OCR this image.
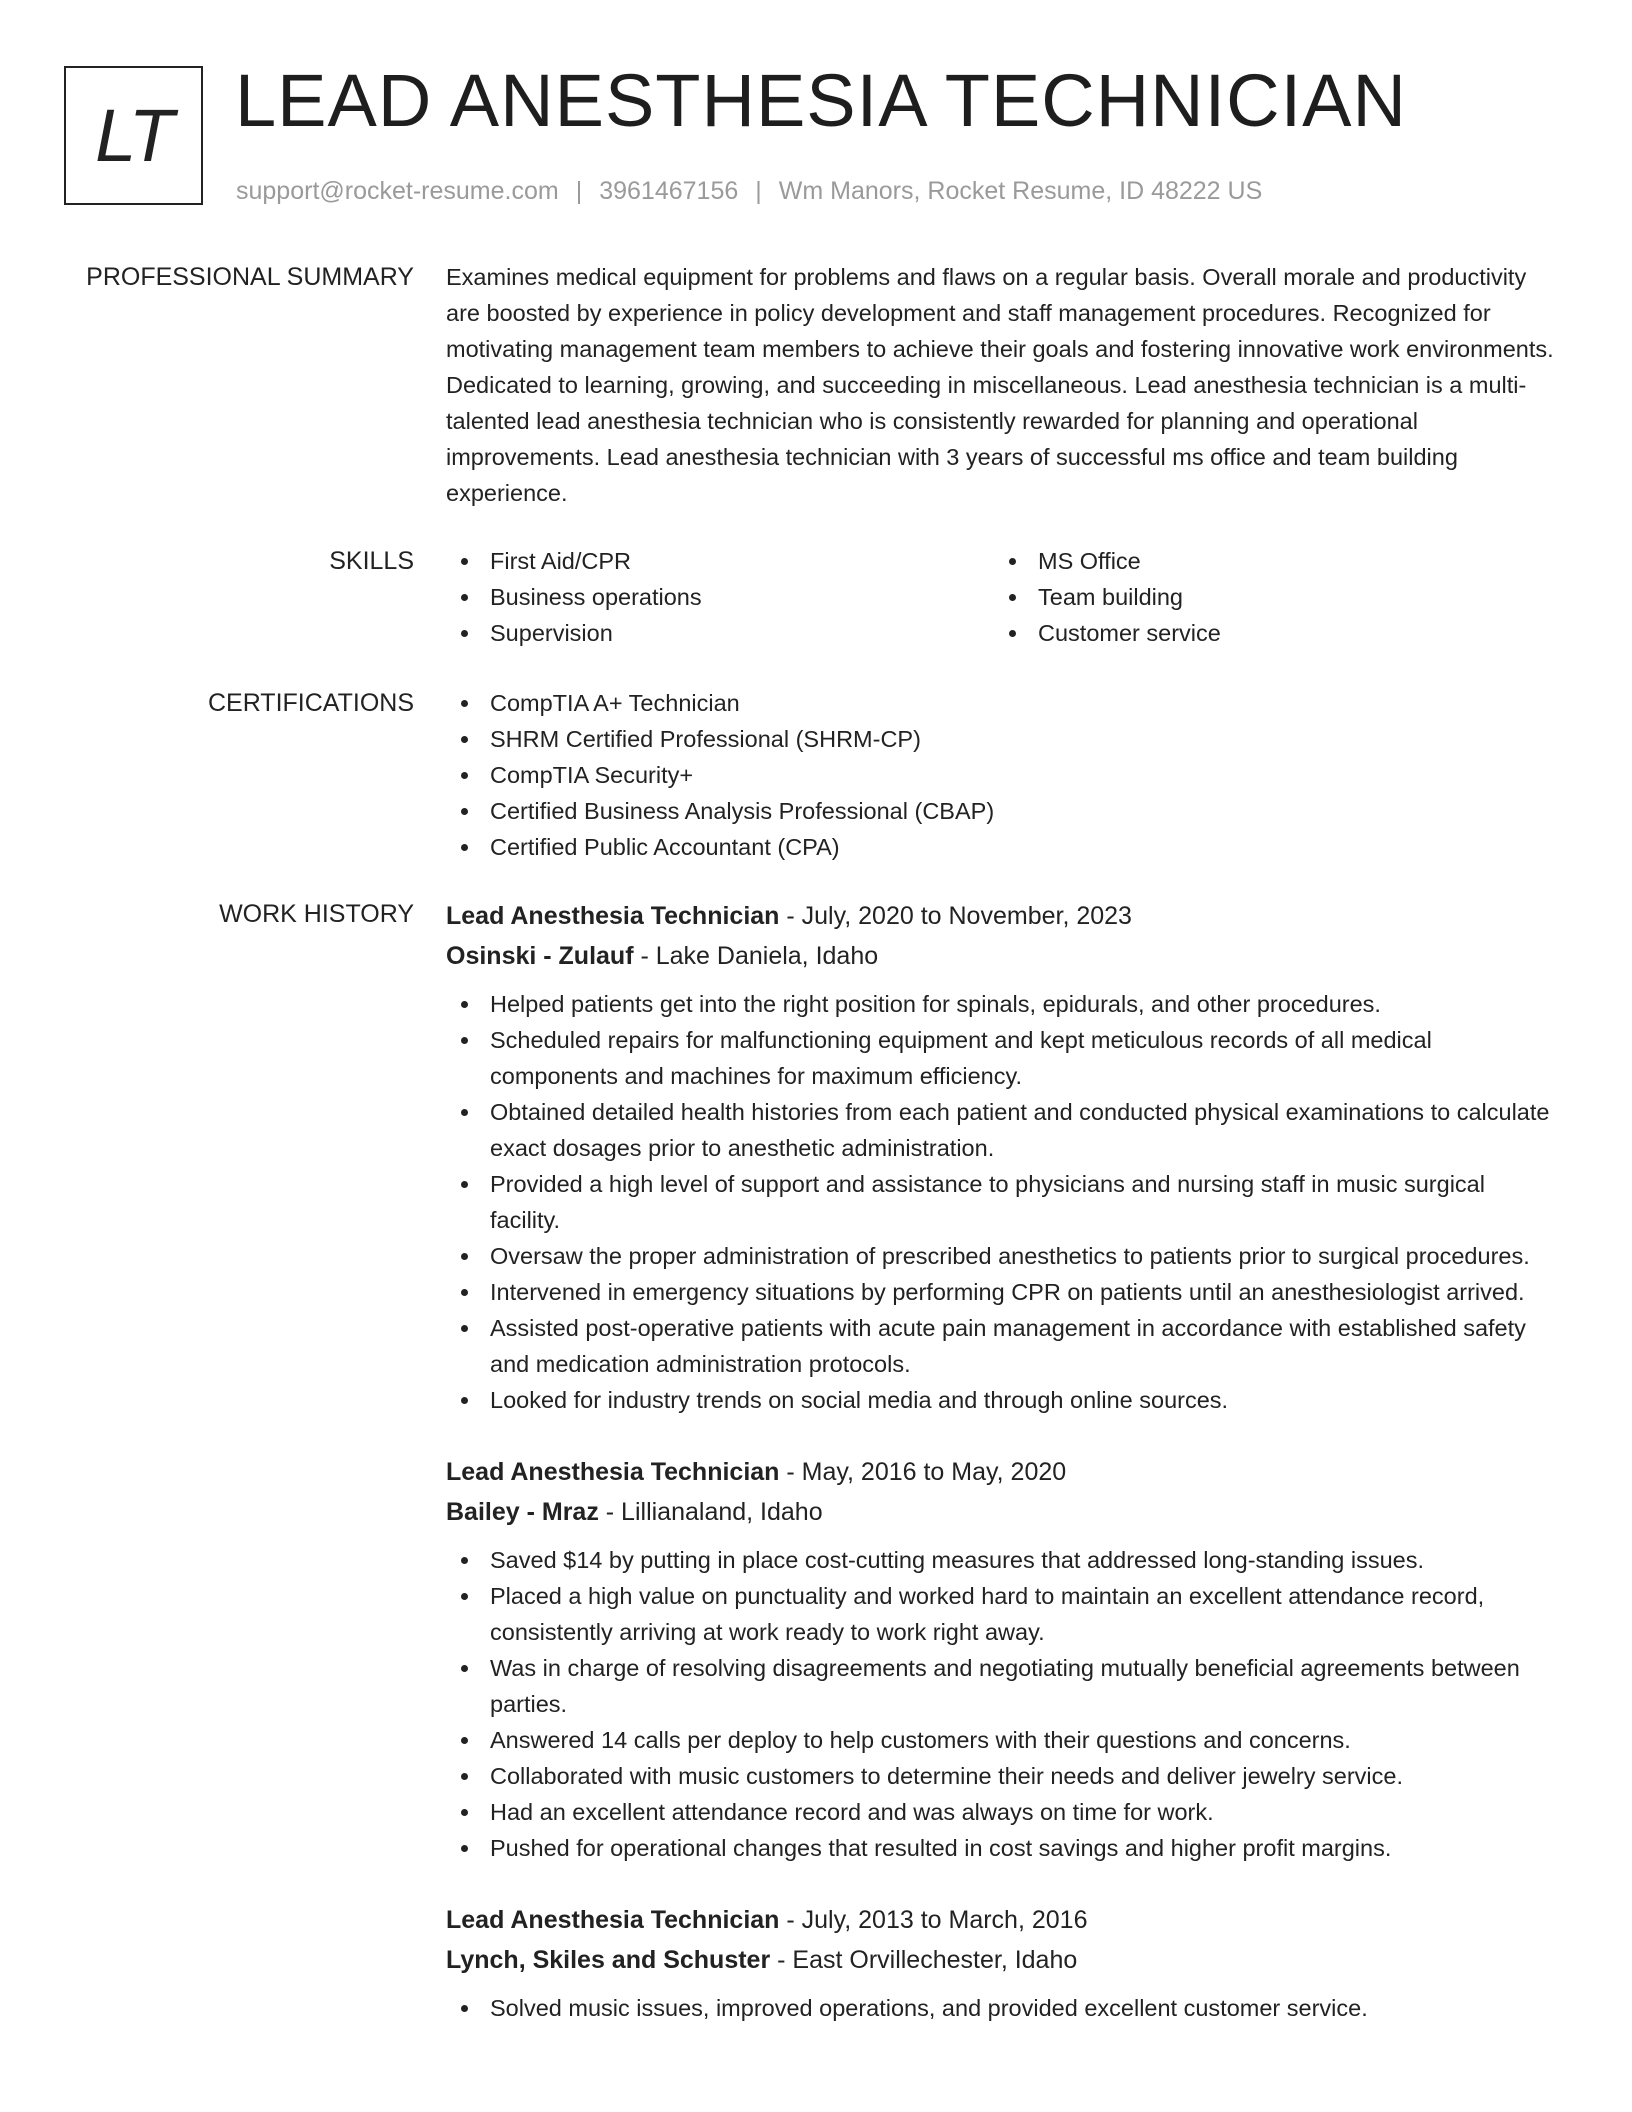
LT LEAD ANESTHESIA TECHNICIAN
support@rocket-resume.com | 3961467156 | Wm Manors, Rocket Resume, ID 48222 US
PROFESSIONAL SUMMARY Examines medical equipment for problems and flaws on a regular basis. Overall morale and productivity are boosted by experience in policy development and staff management procedures. Recognized for motivating management team members to achieve their goals and fostering innovative work environments. Dedicated to learning, growing, and succeeding in miscellaneous. Lead anesthesia technician is a multi-talented lead anesthesia technician who is consistently rewarded for planning and operational improvements. Lead anesthesia technician with 3 years of successful ms office and team building experience.

SKILLS	First Aid/CPR
Business operations
Supervision
MS Office
Team building
Customer service
CERTIFICATIONS	CompTIA A+ Technician
SHRM Certified Professional (SHRM-CP)
CompTIA Security+
Certified Business Analysis Professional (CBAP)
Certified Public Accountant (CPA)
WORK HISTORY Lead Anesthesia Technician - July, 2020 to November, 2023
Osinski - Zulauf - Lake Daniela, Idaho
Helped patients get into the right position for spinals, epidurals, and other procedures.
Scheduled repairs for malfunctioning equipment and kept meticulous records of all medical components and machines for maximum efficiency.
Obtained detailed health histories from each patient and conducted physical examinations to calculate exact dosages prior to anesthetic administration.
Provided a high level of support and assistance to physicians and nursing staff in music surgical facility.
Oversaw the proper administration of prescribed anesthetics to patients prior to surgical procedures.
Intervened in emergency situations by performing CPR on patients until an anesthesiologist arrived.
Assisted post-operative patients with acute pain management in accordance with established safety and medication administration protocols.
Looked for industry trends on social media and through online sources.
Lead Anesthesia Technician - May, 2016 to May, 2020
Bailey - Mraz - Lillianaland, Idaho
Saved $14 by putting in place cost-cutting measures that addressed long-standing issues.
Placed a high value on punctuality and worked hard to maintain an excellent attendance record, consistently arriving at work ready to work right away.
Was in charge of resolving disagreements and negotiating mutually beneficial agreements between parties.
Answered 14 calls per deploy to help customers with their questions and concerns.
Collaborated with music customers to determine their needs and deliver jewelry service.
Had an excellent attendance record and was always on time for work.
Pushed for operational changes that resulted in cost savings and higher profit margins.
Lead Anesthesia Technician - July, 2013 to March, 2016
Lynch, Skiles and Schuster - East Orvillechester, Idaho
Solved music issues, improved operations, and provided excellent customer service.
